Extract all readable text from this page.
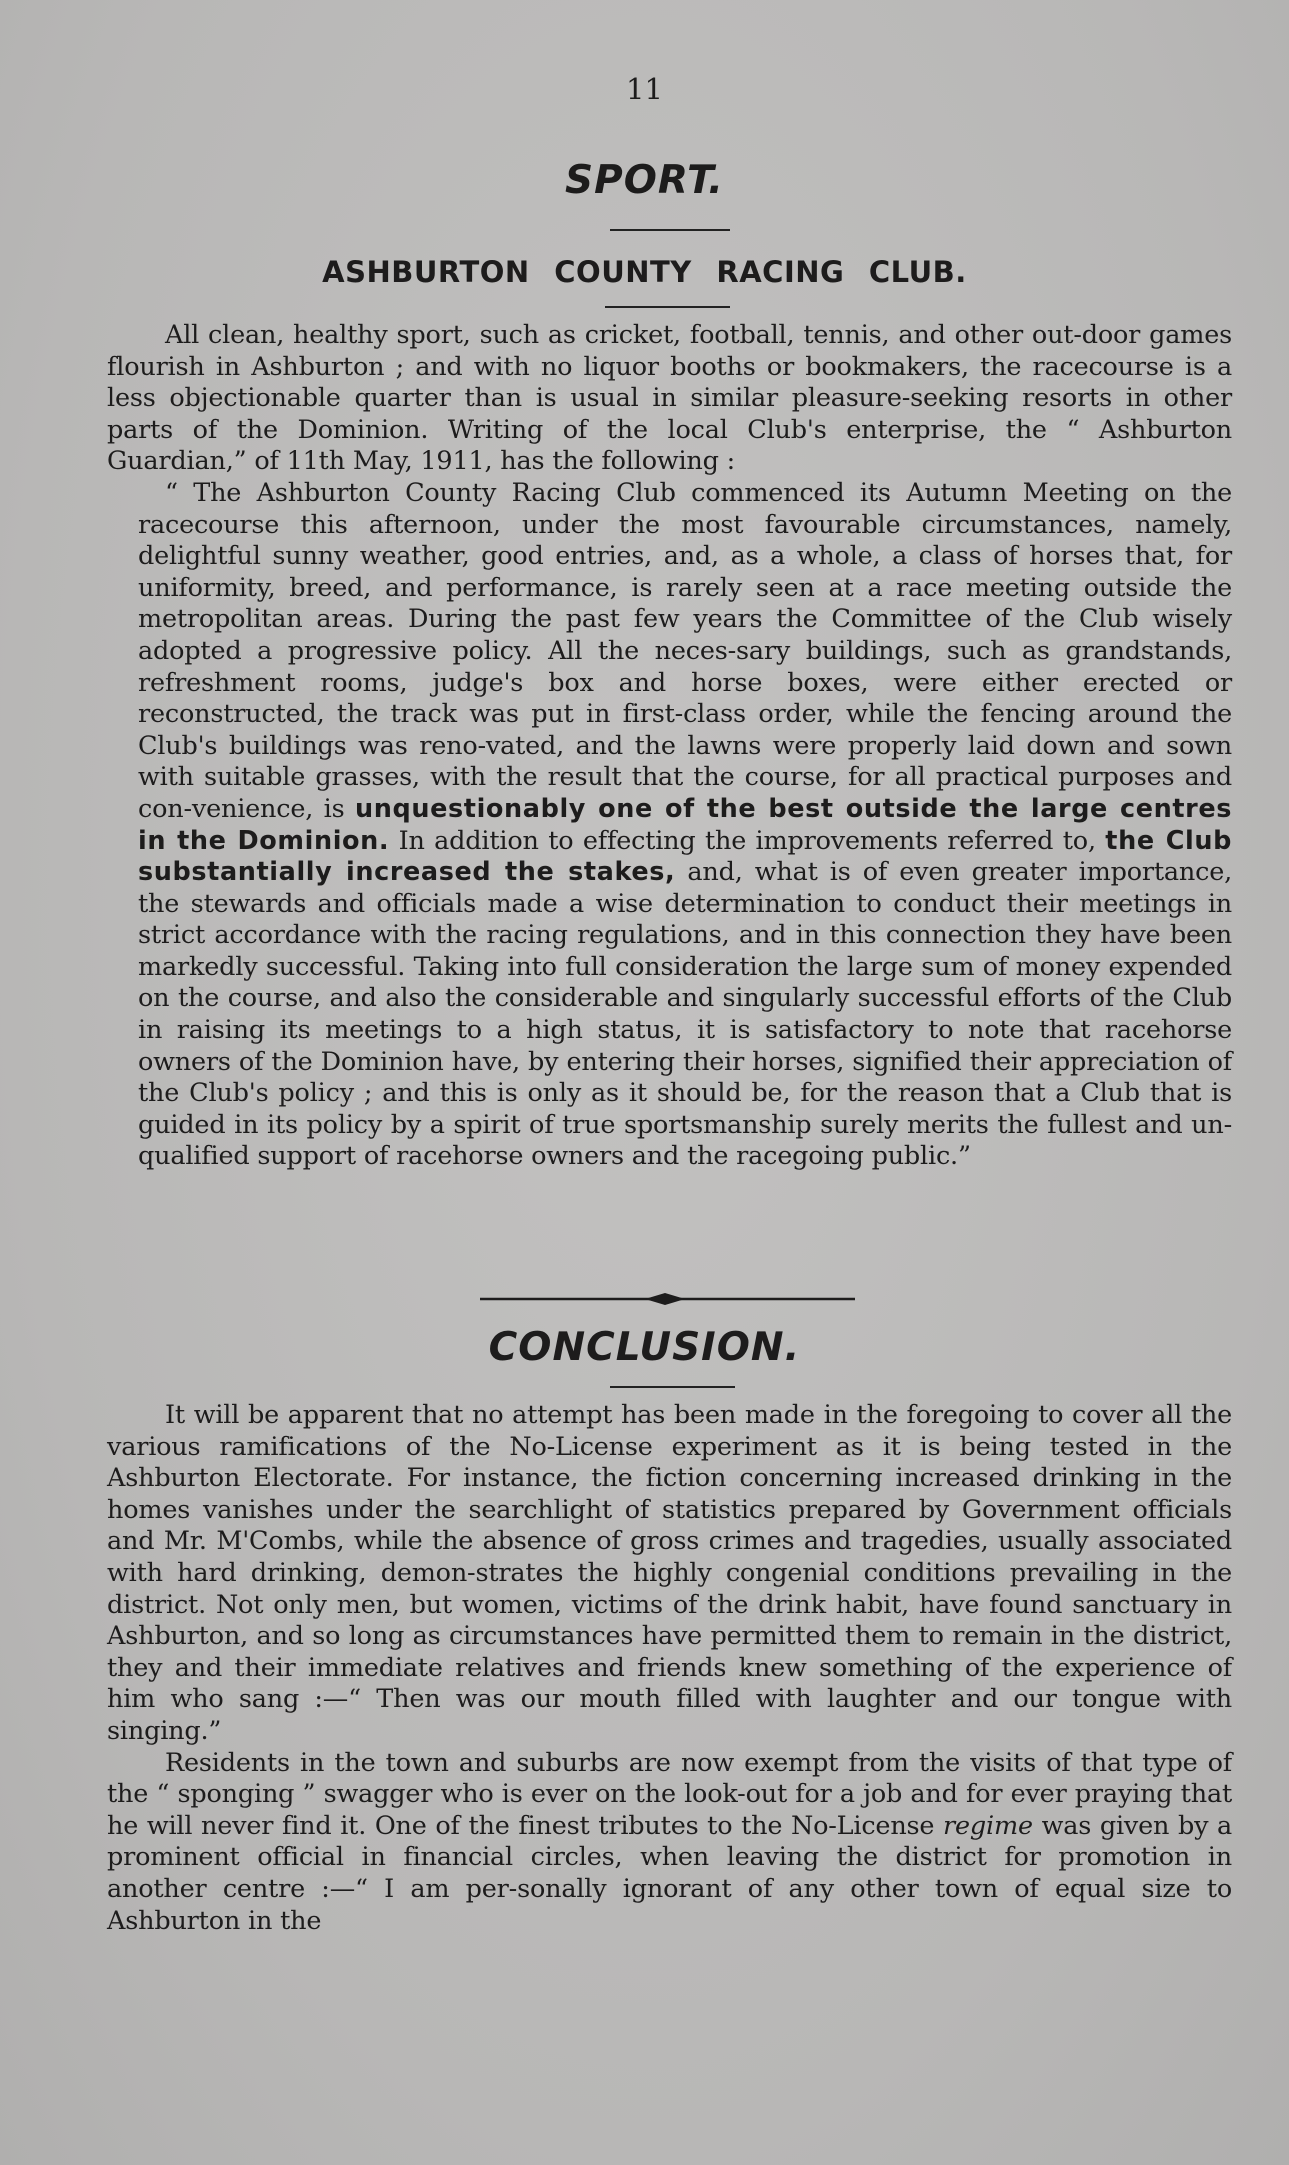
11
SPORT.
ASHBURTON COUNTY RACING CLUB.

All clean, healthy sport, such as cricket, football, tennis, and other out-door games flourish in Ashburton ; and with no liquor booths or bookmakers, the racecourse is a less objectionable quarter than is usual in similar pleasure-seeking resorts in other parts of the Dominion. Writing of the local Club's enterprise, the “ Ashburton Guardian,” of 11th May, 1911, has the following :

“ The Ashburton County Racing Club commenced its Autumn Meeting on the racecourse this afternoon, under the most favourable circumstances, namely, delightful sunny weather, good entries, and, as a whole, a class of horses that, for uniformity, breed, and performance, is rarely seen at a race meeting outside the metropolitan areas. During the past few years the Committee of the Club wisely adopted a progressive policy. All the neces-sary buildings, such as grandstands, refreshment rooms, judge's box and horse boxes, were either erected or reconstructed, the track was put in first-class order, while the fencing around the Club's buildings was reno-vated, and the lawns were properly laid down and sown with suitable grasses, with the result that the course, for all practical purposes and con-venience, is unquestionably one of the best outside the large centres in the Dominion. In addition to effecting the improvements referred to, the Club substantially increased the stakes, and, what is of even greater importance, the stewards and officials made a wise determination to conduct their meetings in strict accordance with the racing regulations, and in this connection they have been markedly successful. Taking into full consideration the large sum of money expended on the course, and also the considerable and singularly successful efforts of the Club in raising its meetings to a high status, it is satisfactory to note that racehorse owners of the Dominion have, by entering their horses, signified their appreciation of the Club's policy ; and this is only as it should be, for the reason that a Club that is guided in its policy by a spirit of true sportsmanship surely merits the fullest and un-qualified support of racehorse owners and the racegoing public.”

CONCLUSION.

It will be apparent that no attempt has been made in the foregoing to cover all the various ramifications of the No-License experiment as it is being tested in the Ashburton Electorate. For instance, the fiction concerning increased drinking in the homes vanishes under the searchlight of statistics prepared by Government officials and Mr. M'Combs, while the absence of gross crimes and tragedies, usually associated with hard drinking, demon-strates the highly congenial conditions prevailing in the district. Not only men, but women, victims of the drink habit, have found sanctuary in Ashburton, and so long as circumstances have permitted them to remain in the district, they and their immediate relatives and friends knew something of the experience of him who sang :—“ Then was our mouth filled with laughter and our tongue with singing.”

Residents in the town and suburbs are now exempt from the visits of that type of the “ sponging ” swagger who is ever on the look-out for a job and for ever praying that he will never find it. One of the finest tributes to the No-License regime was given by a prominent official in financial circles, when leaving the district for promotion in another centre :—“ I am per-sonally ignorant of any other town of equal size to Ashburton in the
